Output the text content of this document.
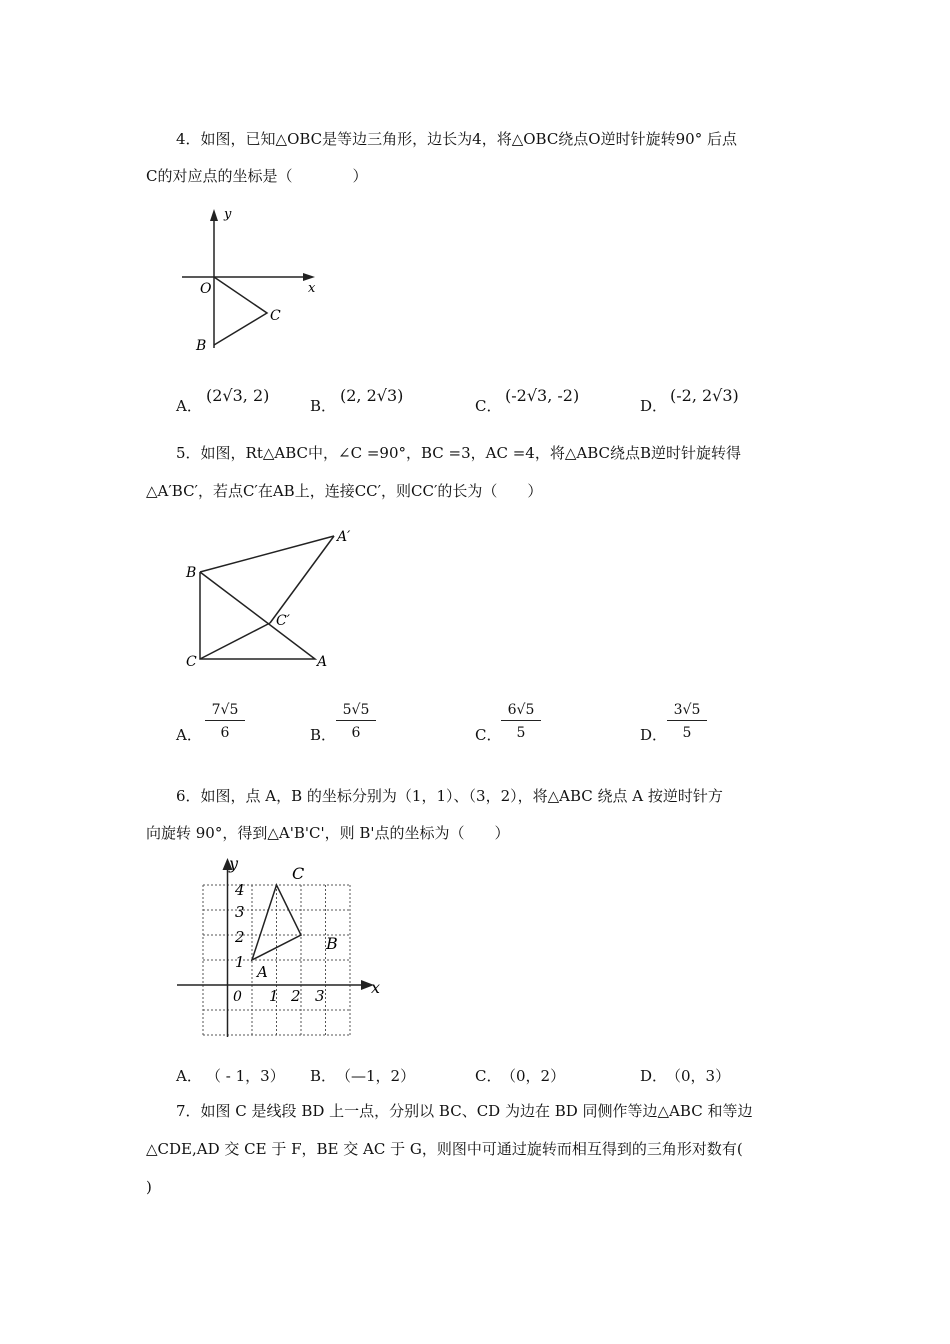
4．如图，已知△OBC是等边三角形，边长为4，将△OBC绕点O逆时针旋转90° 后点
C的对应点的坐标是（　　　　）
y
x
O
C
B
A．
(2√3, 2)
B．
(2, 2√3)
C．
(-2√3, -2)
D．
(-2, 2√3)
5．如图，Rt△ABC中，∠C =90°，BC =3，AC =4，将△ABC绕点B逆时针旋转得
△A′BC′，若点C′在AB上，连接CC′，则CC′的长为（　　）
B
A′
C′
C	A
A． $\frac{7√5}{6}$	B． $\frac{5√5}{6}$	C． $\frac{6√5}{5}$	D． $\frac{3√5}{5}$
6．如图，点 A，B 的坐标分别为（1，1）、（3，2），将△ABC 绕点 A 按逆时针方
向旋转 90°，得到△A'B'C'，则 B'点的坐标为（　　）
y
x
0
4
3
2
1
1 2 3
C
B
A
A． （ - 1，3） B． （—1，2）	C． （0，2）	D．
（0，3）
7．如图 C 是线段 BD 上一点，分别以 BC、CD 为边在 BD 同侧作等边△ABC 和等边
△CDE,AD 交 CE 于 F，BE 交 AC 于 G，则图中可通过旋转而相互得到的三角形对数有(
)
